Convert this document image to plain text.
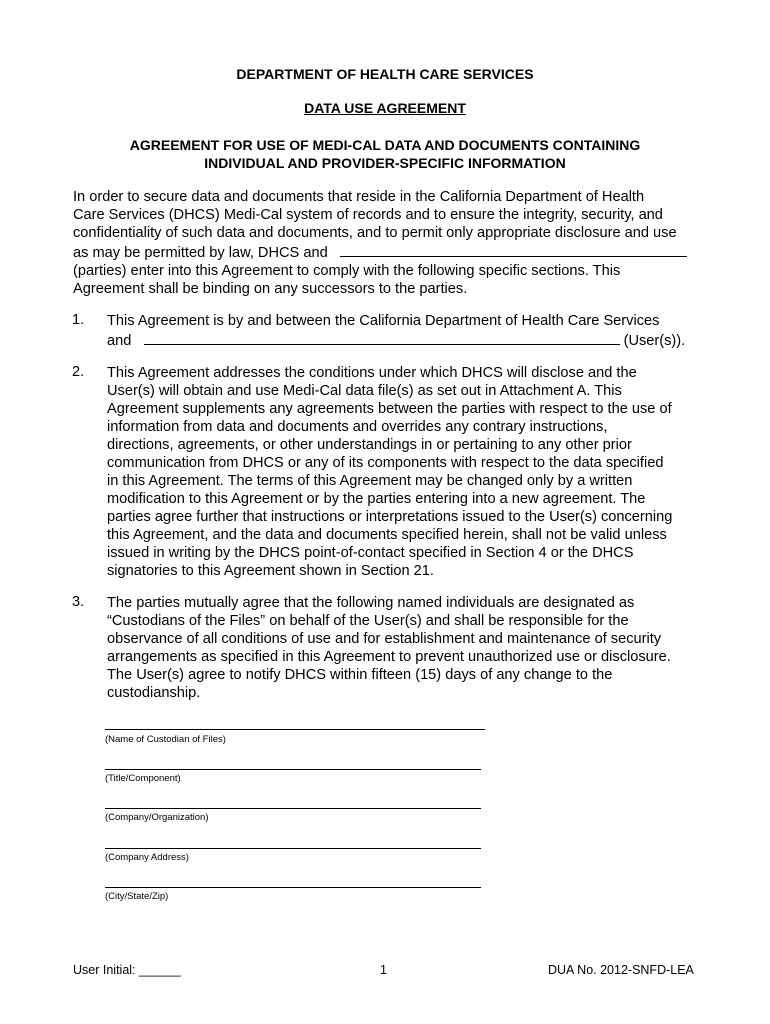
DEPARTMENT OF HEALTH CARE SERVICES
DATA USE AGREEMENT
AGREEMENT FOR USE OF MEDI-CAL DATA AND DOCUMENTS CONTAINING
INDIVIDUAL AND PROVIDER-SPECIFIC INFORMATION
In order to secure data and documents that reside in the California Department of Health
Care Services (DHCS) Medi-Cal system of records and to ensure the integrity, security, and
confidentiality of such data and documents, and to permit only appropriate disclosure and use
as may be permitted by law, DHCS and
(parties) enter into this Agreement to comply with the following specific sections. This
Agreement shall be binding on any successors to the parties.
1. This Agreement is by and between the California Department of Health Care Services
and	(User(s)).
2. This Agreement addresses the conditions under which DHCS will disclose and the
User(s) will obtain and use Medi-Cal data file(s) as set out in Attachment A. This
Agreement supplements any agreements between the parties with respect to the use of
information from data and documents and overrides any contrary instructions,
directions, agreements, or other understandings in or pertaining to any other prior
communication from DHCS or any of its components with respect to the data specified
in this Agreement. The terms of this Agreement may be changed only by a written
modification to this Agreement or by the parties entering into a new agreement. The
parties agree further that instructions or interpretations issued to the User(s) concerning
this Agreement, and the data and documents specified herein, shall not be valid unless
issued in writing by the DHCS point-of-contact specified in Section 4 or the DHCS
signatories to this Agreement shown in Section 21.
3. The parties mutually agree that the following named individuals are designated as
“Custodians of the Files” on behalf of the User(s) and shall be responsible for the
observance of all conditions of use and for establishment and maintenance of security
arrangements as specified in this Agreement to prevent unauthorized use or disclosure.
The User(s) agree to notify DHCS within fifteen (15) days of any change to the
custodianship.
(Name of Custodian of Files)
(Title/Component)
(Company/Organization)
(Company Address)
(City/State/Zip)
User Initial: ______	1	DUA No. 2012-SNFD-LEA
